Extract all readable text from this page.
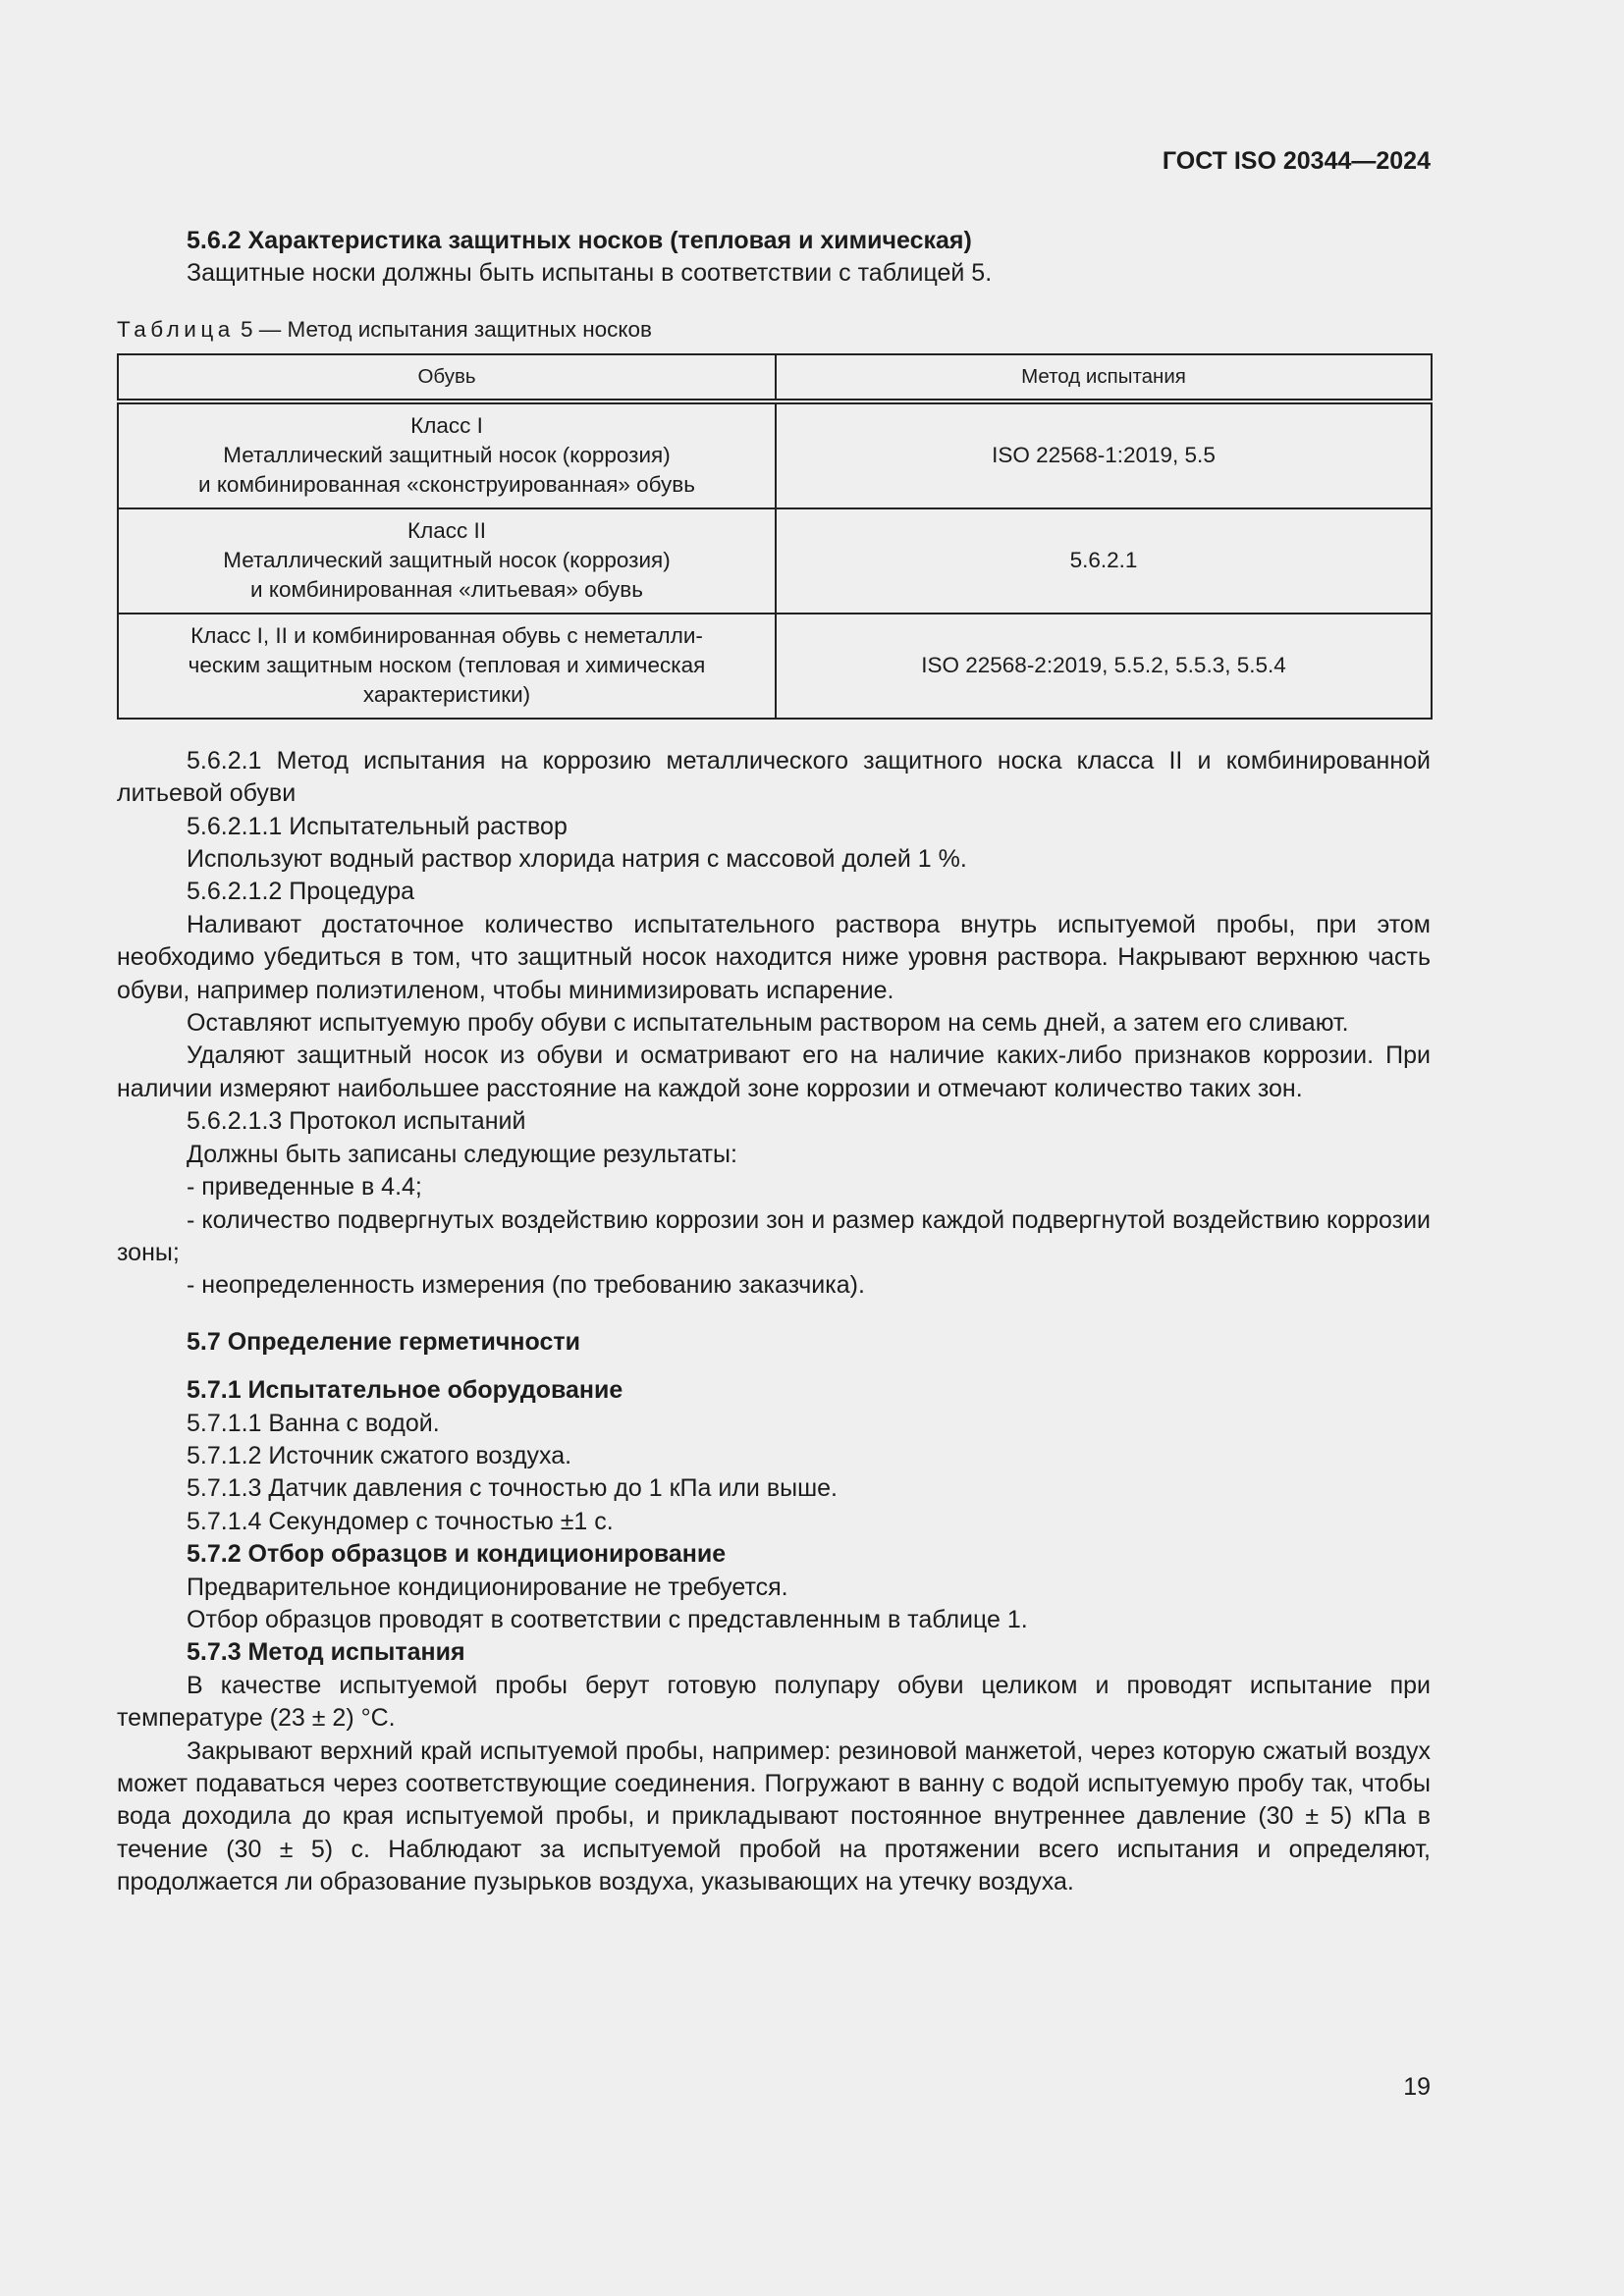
ГОСТ ISO 20344—2024

5.6.2 Характеристика защитных носков (тепловая и химическая)

Защитные носки должны быть испытаны в соответствии с таблицей 5.

Таблица 5 — Метод испытания защитных носков
Обувь	Метод испытания

Класс I
Металлический защитный носок (коррозия)
и комбинированная «сконструированная» обувь	ISO 22568-1:2019, 5.5

Класс II
Металлический защитный носок (коррозия)
и комбинированная «литьевая» обувь	5.6.2.1

Класс I, II и комбинированная обувь с неметалли-
ческим защитным носком (тепловая и химическая
характеристики)	ISO 22568-2:2019, 5.5.2, 5.5.3, 5.5.4

5.6.2.1 Метод испытания на коррозию металлического защитного носка класса II и комбинированной литьевой обуви

5.6.2.1.1 Испытательный раствор

Используют водный раствор хлорида натрия с массовой долей 1 %.

5.6.2.1.2 Процедура

Наливают достаточное количество испытательного раствора внутрь испытуемой пробы, при этом необходимо убедиться в том, что защитный носок находится ниже уровня раствора. Накрывают верхнюю часть обуви, например полиэтиленом, чтобы минимизировать испарение.

Оставляют испытуемую пробу обуви с испытательным раствором на семь дней, а затем его сливают.

Удаляют защитный носок из обуви и осматривают его на наличие каких-либо признаков коррозии. При наличии измеряют наибольшее расстояние на каждой зоне коррозии и отмечают количество таких зон.

5.6.2.1.3 Протокол испытаний

Должны быть записаны следующие результаты:

- приведенные в 4.4;

- количество подвергнутых воздействию коррозии зон и размер каждой подвергнутой воздействию коррозии зоны;

- неопределенность измерения (по требованию заказчика).

5.7 Определение герметичности

5.7.1 Испытательное оборудование

5.7.1.1 Ванна с водой.

5.7.1.2 Источник сжатого воздуха.

5.7.1.3 Датчик давления с точностью до 1 кПа или выше.

5.7.1.4 Секундомер с точностью ±1 с.

5.7.2 Отбор образцов и кондиционирование

Предварительное кондиционирование не требуется.

Отбор образцов проводят в соответствии с представленным в таблице 1.

5.7.3 Метод испытания

В качестве испытуемой пробы берут готовую полупару обуви целиком и проводят испытание при температуре (23 ± 2) °С.

Закрывают верхний край испытуемой пробы, например: резиновой манжетой, через которую сжатый воздух может подаваться через соответствующие соединения. Погружают в ванну с водой испытуемую пробу так, чтобы вода доходила до края испытуемой пробы, и прикладывают постоянное внутреннее давление (30 ± 5) кПа в течение (30 ± 5) с. Наблюдают за испытуемой пробой на протяжении всего испытания и определяют, продолжается ли образование пузырьков воздуха, указывающих на утечку воздуха.

19
